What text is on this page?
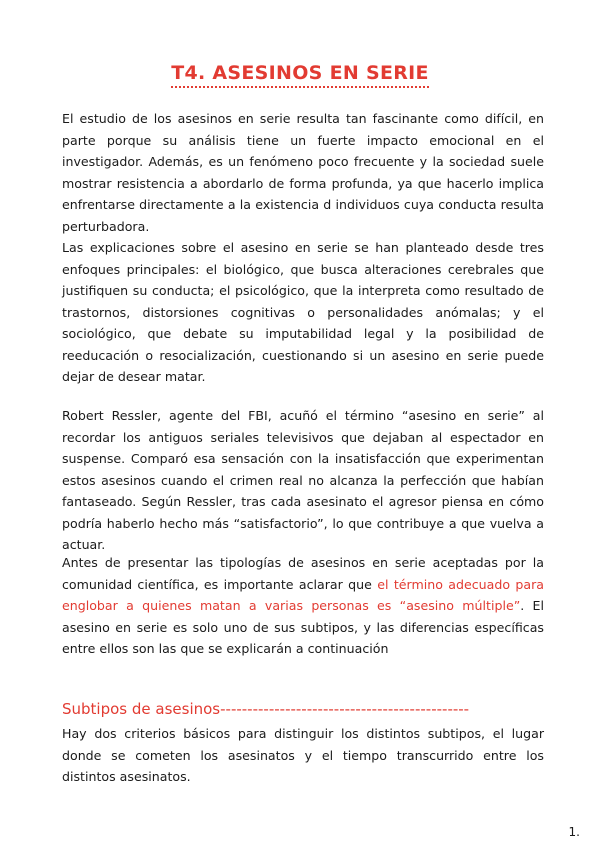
T4. ASESINOS EN SERIE

El estudio de los asesinos en serie resulta tan fascinante como difícil, en parte porque su análisis tiene un fuerte impacto emocional en el investigador. Además, es un fenómeno poco frecuente y la sociedad suele mostrar resistencia a abordarlo de forma profunda, ya que hacerlo implica enfrentarse directamente a la existencia d individuos cuya conducta resulta perturbadora.

Las explicaciones sobre el asesino en serie se han planteado desde tres enfoques principales: el biológico, que busca alteraciones cerebrales que justifiquen su conducta; el psicológico, que la interpreta como resultado de trastornos, distorsiones cognitivas o personalidades anómalas; y el sociológico, que debate su imputabilidad legal y la posibilidad de reeducación o resocialización, cuestionando si un asesino en serie puede dejar de desear matar.

Robert Ressler, agente del FBI, acuñó el término “asesino en serie” al recordar los antiguos seriales televisivos que dejaban al espectador en suspense. Comparó esa sensación con la insatisfacción que experimentan estos asesinos cuando el crimen real no alcanza la perfección que habían fantaseado. Según Ressler, tras cada asesinato el agresor piensa en cómo podría haberlo hecho más “satisfactorio”, lo que contribuye a que vuelva a actuar.

Antes de presentar las tipologías de asesinos en serie aceptadas por la comunidad científica, es importante aclarar que el término adecuado para englobar a quienes matan a varias personas es “asesino múltiple”. El asesino en serie es solo uno de sus subtipos, y las diferencias específicas entre ellos son las que se explicarán a continuación

Subtipos de asesinos----------------------------------------------

Hay dos criterios básicos para distinguir los distintos subtipos, el lugar donde se cometen los asesinatos y el tiempo transcurrido entre los distintos asesinatos.

1.
